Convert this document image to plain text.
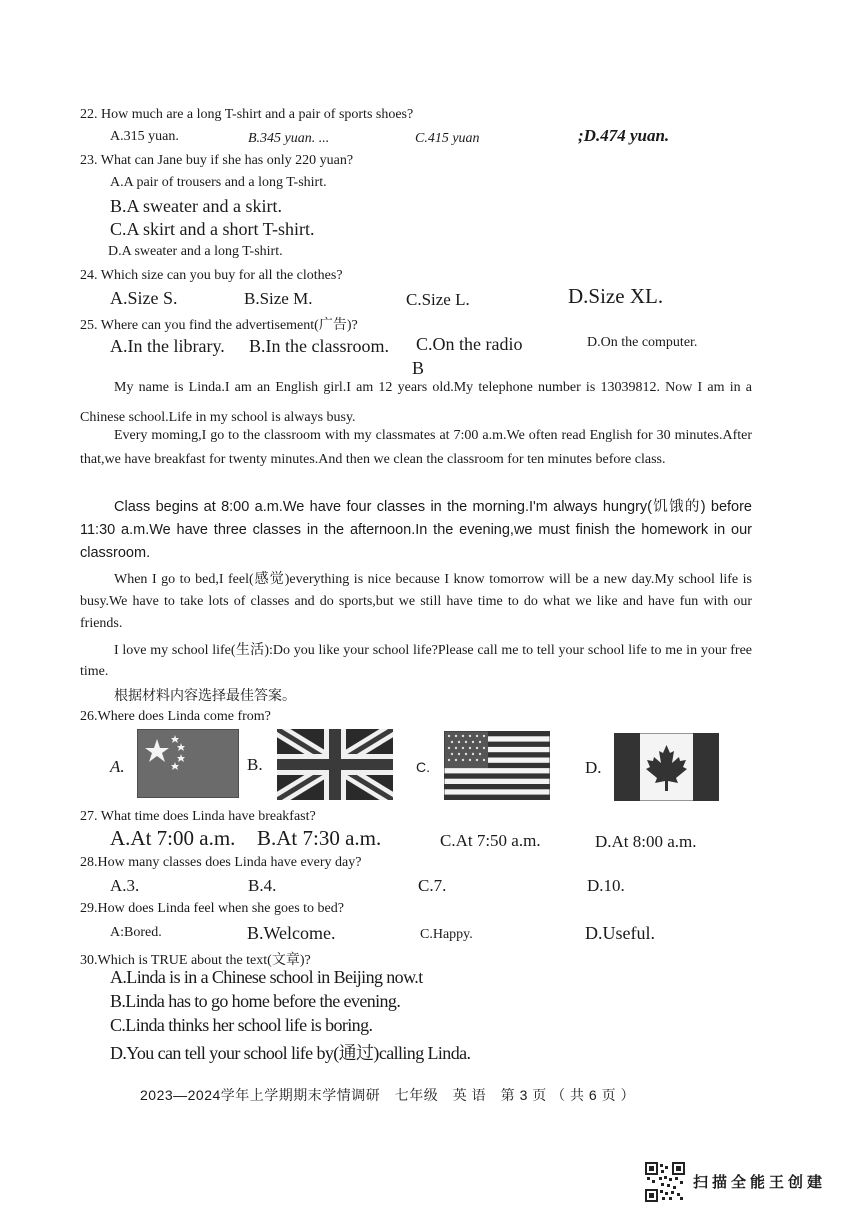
22. How much are a long T-shirt and a pair of sports shoes?
A.315 yuan.	B.345 yuan. ...	C.415 yuan	;D.474 yuan.
23. What can Jane buy if she has only 220 yuan?
A.A pair of trousers and a long T-shirt.
B.A sweater and a skirt.
C.A skirt and a short T-shirt.
D.A sweater and a long T-shirt.
24. Which size can you buy for all the clothes?
A.Size S.	B.Size M.	C.Size L.	D.Size XL.
25. Where can you find the advertisement(广告)?
A.In the library. B.In the classroom. C.On the radio	D.On the computer.
B
My name is Linda.I am an English girl.I am 12 years old.My telephone number is 13039812. Now I am in a Chinese school.Life in my school is always busy.
Every moming,I go to the classroom with my classmates at 7:00 a.m.We often read English for 30 minutes.After that,we have breakfast for twenty minutes.And then we clean the classroom for ten minutes before class.
Class begins at 8:00 a.m.We have four classes in the morning.I'm always hungry(饥饿的) before 11:30 a.m.We have three classes in the afternoon.In the evening,we must finish the homework in our classroom.
When I go to bed,I feel(感觉)everything is nice because I know tomorrow will be a new day.My school life is busy.We have to take lots of classes and do sports,but we still have time to do what we like and have fun with our friends.
I love my school life(生活):Do you like your school life?Please call me to tell your school life to me in your free time.
根据材料内容选择最佳答案。
26.Where does Linda come from?
A.	B.	C.	D.
27. What time does Linda have breakfast?
A.At 7:00 a.m. B.At 7:30 a.m.	C.At 7:50 a.m.	D.At 8:00 a.m.
28.How many classes does Linda have every day?
A.3.	B.4.	C.7.	D.10.
29.How does Linda feel when she goes to bed?
A:Bored.	B.Welcome.	C.Happy.	D.Useful.
30.Which is TRUE about the text(文章)?
A.Linda is in a Chinese school in Beijing now.t
B.Linda has to go home before the evening.
C.Linda thinks her school life is boring.
D.You can tell your school life by(通过)calling Linda.
2023—2024学年上学期期末学情调研　七年级　英 语　第 3 页 （ 共 6 页 ）
扫描全能王创建
